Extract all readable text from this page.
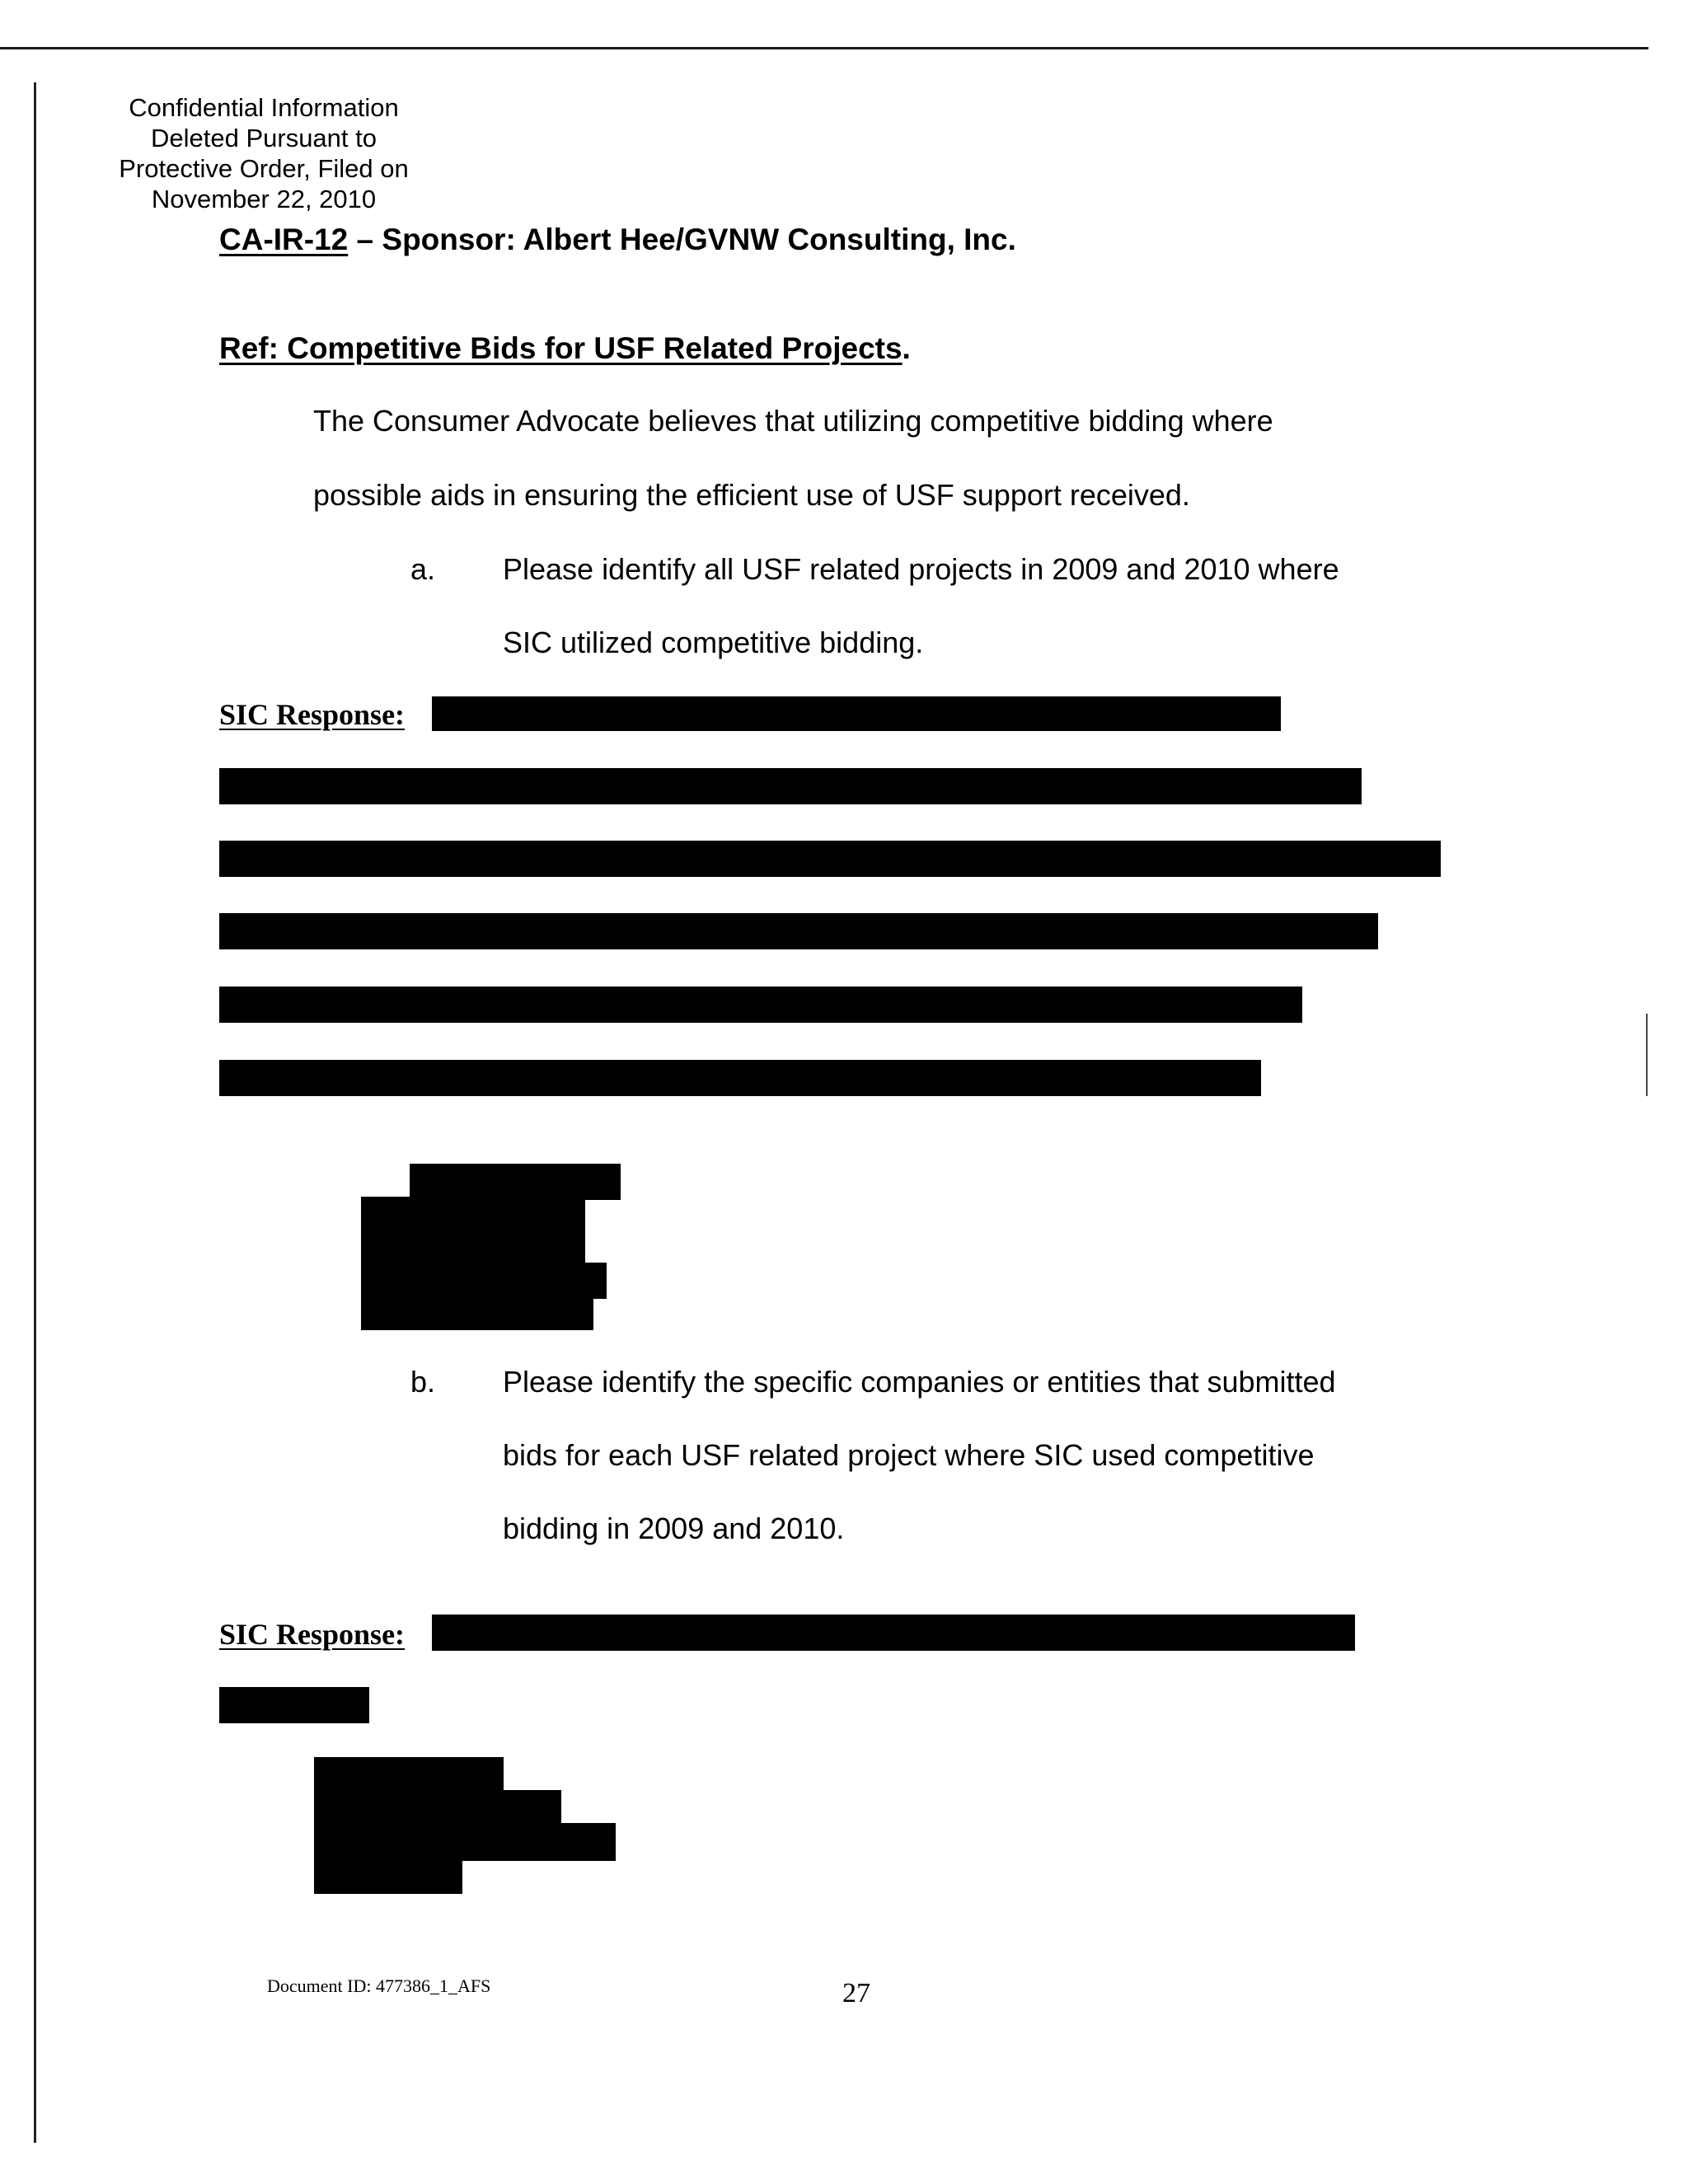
Confidential Information
Deleted Pursuant to
Protective Order, Filed on
November 22, 2010
CA-IR-12 – Sponsor: Albert Hee/GVNW Consulting, Inc.
Ref: Competitive Bids for USF Related Projects.
The Consumer Advocate believes that utilizing competitive bidding where
possible aids in ensuring the efficient use of USF support received.
a. Please identify all USF related projects in 2009 and 2010 where
SIC utilized competitive bidding.
SIC Response:
b. Please identify the specific companies or entities that submitted
bids for each USF related project where SIC used competitive
bidding in 2009 and 2010.
SIC Response:
Document ID: 477386_1_AFS	27
